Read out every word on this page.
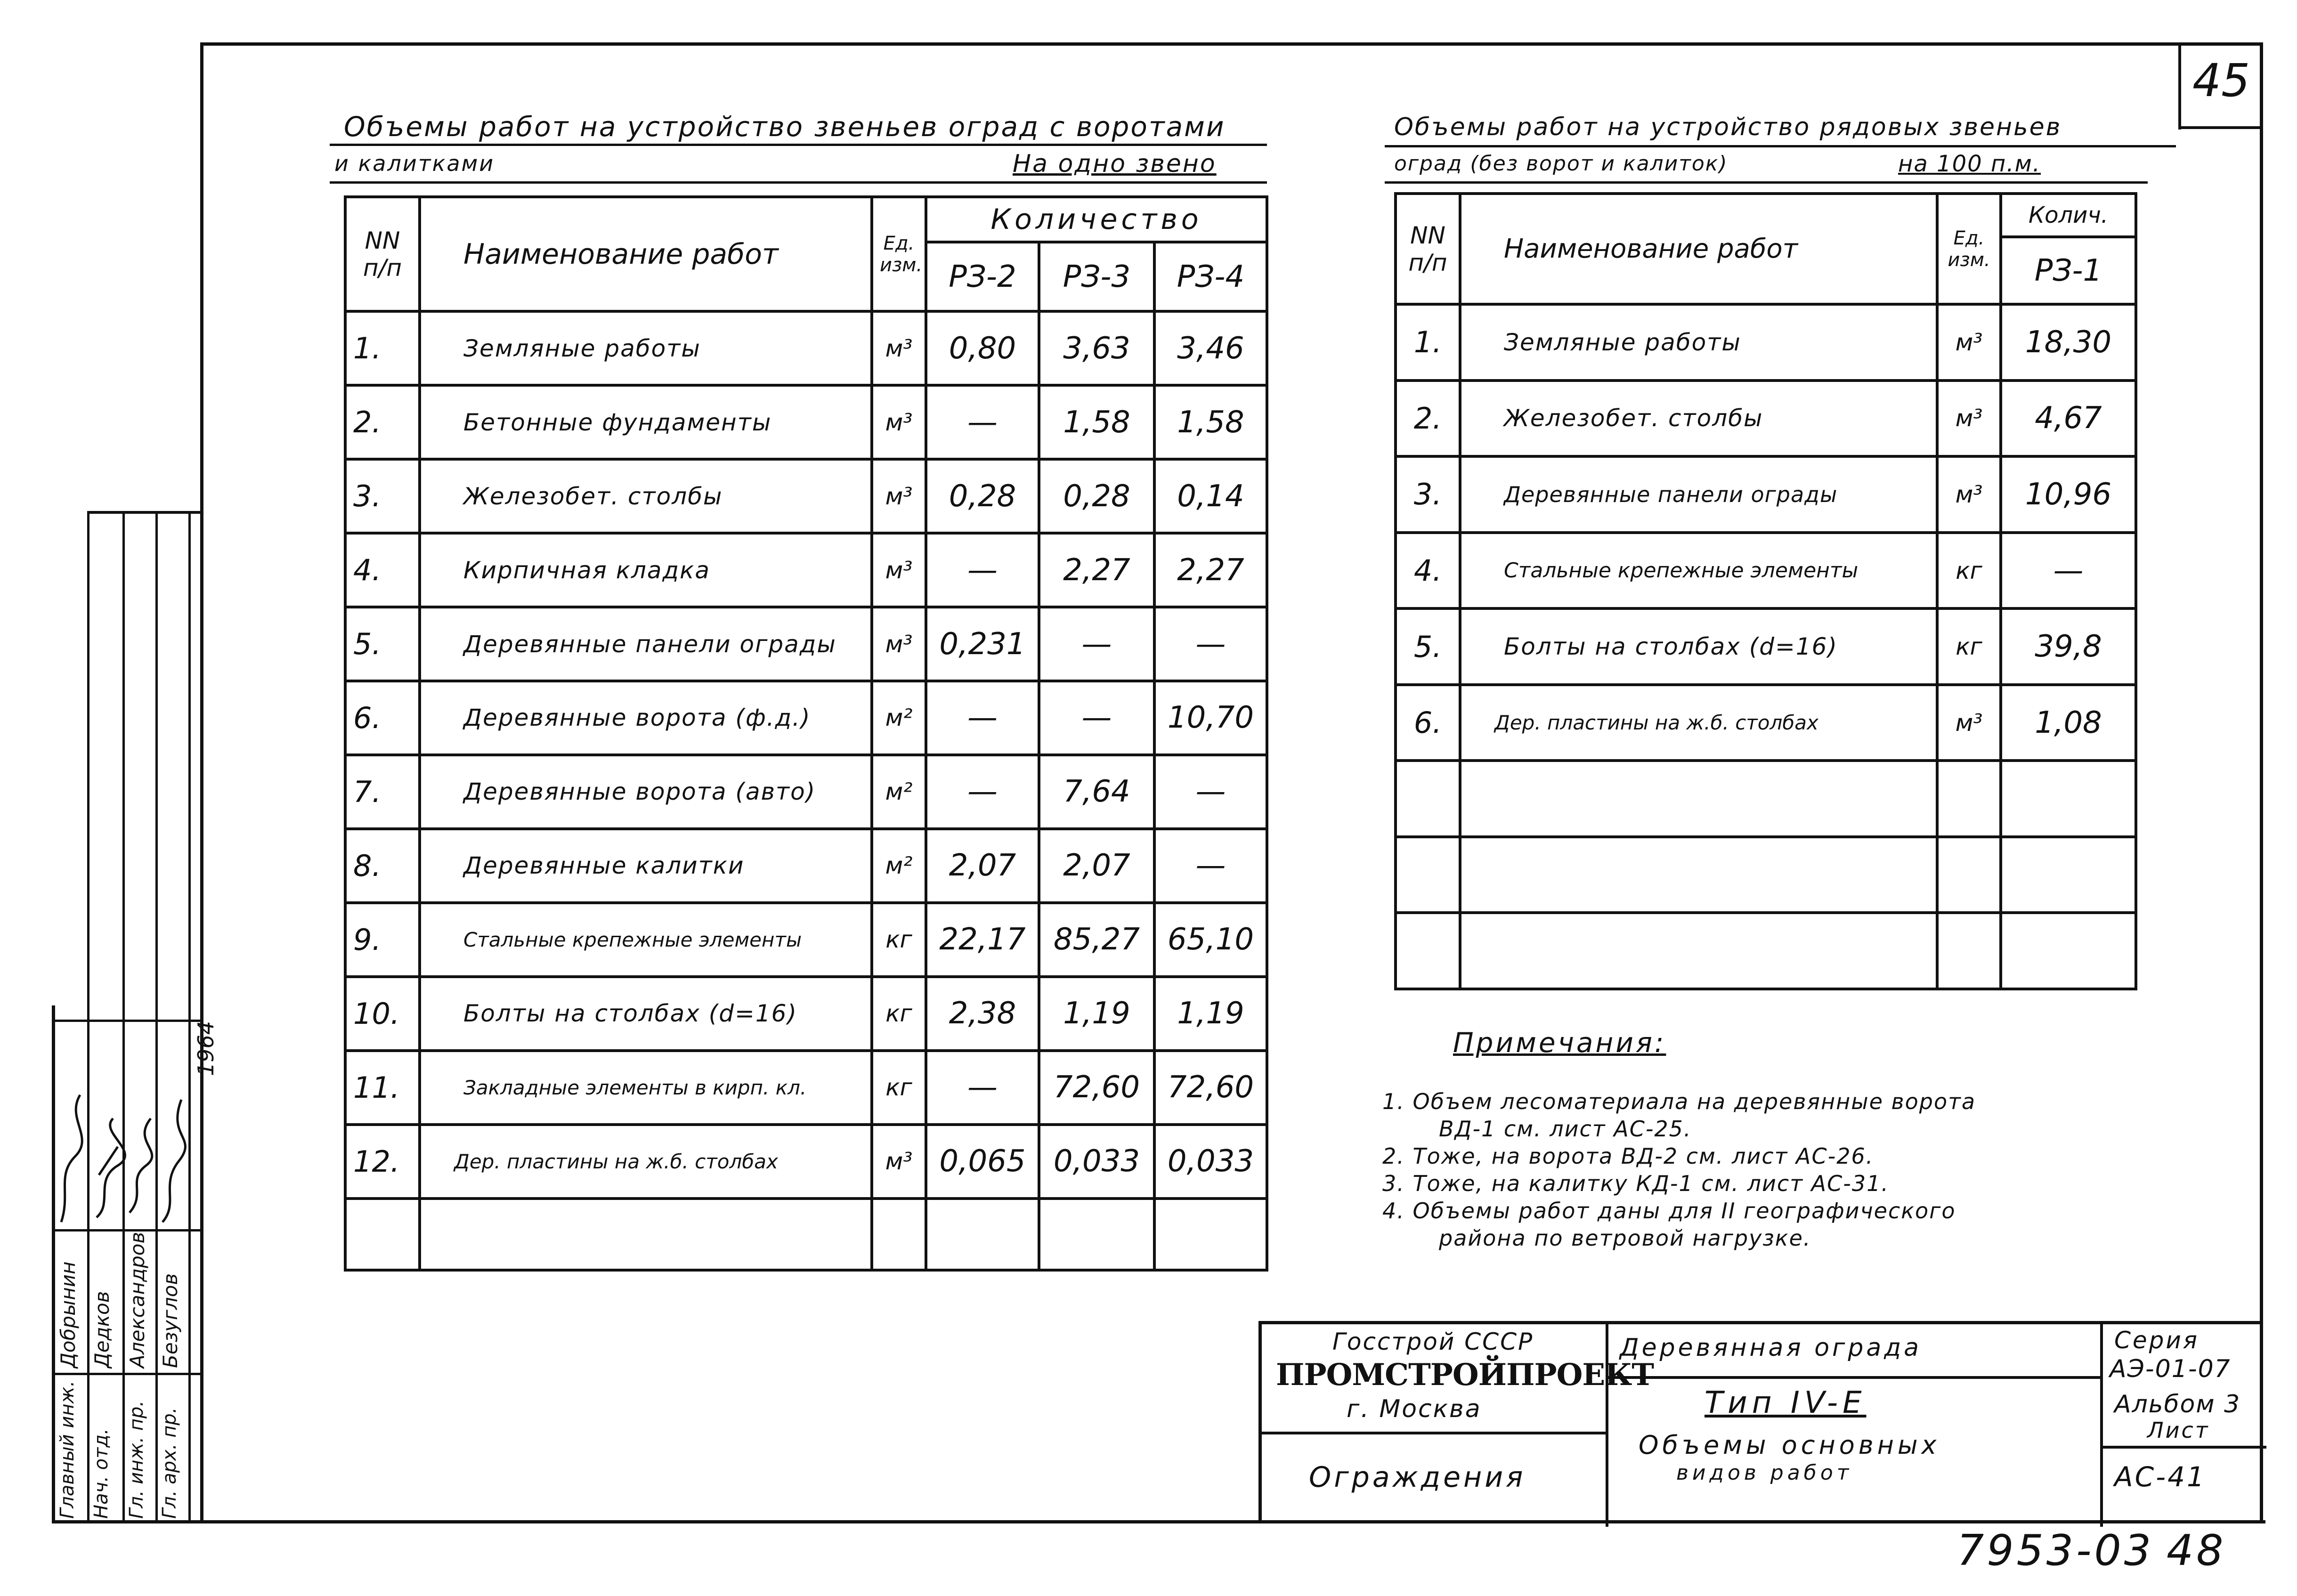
45
Объемы работ на устройство звеньев оград с воротами
и калитками	На одно звено
NN п/п	Наименование работ	Ед. изм.	Количество		
			РЗ-2	РЗ-3	РЗ-4
1.	Земляные работы	м³	0,80	3,63	3,46
2.	Бетонные фундаменты	м³	—	1,58	1,58
3.	Железобет. столбы	м³	0,28	0,28	0,14
4.	Кирпичная кладка	м³	—	2,27	2,27
5.	Деревянные панели ограды	м³	0,231	—	—
6.	Деревянные ворота (ф.д.)	м²	—	—	10,70
7.	Деревянные ворота (авто)	м²	—	7,64	—
8.	Деревянные калитки	м²	2,07	2,07	—
9.	Стальные крепежные элементы	кг	22,17	85,27	65,10
10.	Болты на столбах (d=16)	кг	2,38	1,19	1,19
11.	Закладные элементы в кирп. кл.	кг	—	72,60	72,60
12.	Дер. пластины на ж.б. столбах	м³	0,065	0,033	0,033

Объемы работ на устройство рядовых звеньев
оград (без ворот и калиток)	на 100 п.м.
NN п/п	Наименование работ	Ед. изм.	Колич.
			РЗ-1
1.	Земляные работы	м³	18,30
2.	Железобет. столбы	м³	4,67
3.	Деревянные панели ограды	м³	10,96
4.	Стальные крепежные элементы	кг	—
5.	Болты на столбах (d=16)	кг	39,8
6.	Дер. пластины на ж.б. столбах	м³	1,08

Примечания:
1. Объем лесоматериала на деревянные ворота
ВД-1 см. лист АС-25.
2. Тоже, на ворота ВД-2 см. лист АС-26.
3. Тоже, на калитку КД-1 см. лист АС-31.
4. Объемы работ даны для II географического
района по ветровой нагрузке.
Госстрой СССР
ПРОМСТРОЙПРОЕКТ
г. Москва
Ограждения
Деревянная ограда
Тип IV-Е
Объемы основных
видов работ
Серия
АЭ-01-07
Альбом 3
Лист
АС-41
Главный инж. Нач. отд. Гл. инж. пр. Гл. арх. пр.
Добрынин Дедков Александров Безуглов
1964
7953-03 48
